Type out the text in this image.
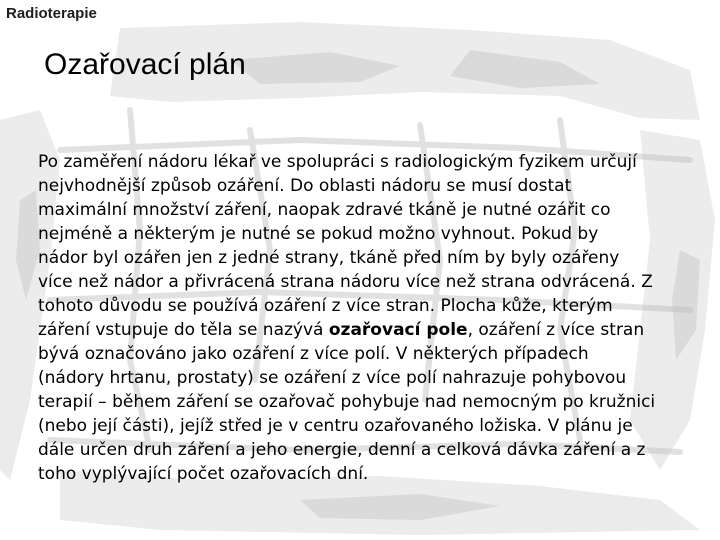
Radioterapie
Ozařovací plán

Po zaměření nádoru lékař ve spolupráci s radiologickým fyzikem určují
nejvhodnější způsob ozáření. Do oblasti nádoru se musí dostat
maximální množství záření, naopak zdravé tkáně je nutné ozářit co
nejméně a některým je nutné se pokud možno vyhnout. Pokud by
nádor byl ozářen jen z jedné strany, tkáně před ním by byly ozářeny
více než nádor a přivrácená strana nádoru více než strana odvrácená. Z
tohoto důvodu se používá ozáření z více stran. Plocha kůže, kterým
záření vstupuje do těla se nazývá ozařovací pole, ozáření z více stran
bývá označováno jako ozáření z více polí. V některých případech
(nádory hrtanu, prostaty) se ozáření z více polí nahrazuje pohybovou
terapií – během záření se ozařovač pohybuje nad nemocným po kružnici
(nebo její části), jejíž střed je v centru ozařovaného ložiska. V plánu je
dále určen druh záření a jeho energie, denní a celková dávka záření a z
toho vyplývající počet ozařovacích dní.
